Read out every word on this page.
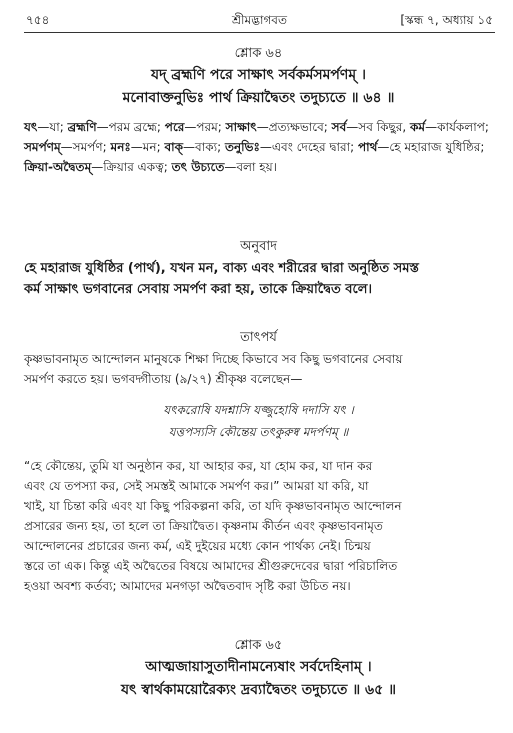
৭৫৪	শ্রীমদ্ভাগবত	[স্কন্ধ ৭, অধ্যায় ১৫
শ্লোক ৬৪
যদ্ ব্রহ্মণি পরে সাক্ষাৎ সর্বকর্মসমর্পণম্ ।
মনোবাক্তনুভিঃ পার্থ ক্রিয়াদ্বৈতং তদুচ্যতে ॥ ৬৪ ॥
যৎ—যা; ব্রহ্মণি—পরম ব্রহ্মে; পরে—পরম; সাক্ষাৎ—প্রত্যক্ষভাবে; সর্ব—সব কিছুর, কর্ম—কার্যকলাপ; সমর্পণম্—সমর্পণ; মনঃ—মন; বাক্—বাক্য; তনুভিঃ—এবং দেহের দ্বারা; পার্থ—হে মহারাজ যুধিষ্ঠির; ক্রিয়া-অদ্বৈতম্—ক্রিয়ার একত্ব; তৎ উচ্যতে—বলা হয়।
অনুবাদ
হে মহারাজ যুধিষ্ঠির (পার্থ), যখন মন, বাক্য এবং শরীরের দ্বারা অনুষ্ঠিত সমস্ত
কর্ম সাক্ষাৎ ভগবানের সেবায় সমর্পণ করা হয়, তাকে ক্রিয়াদ্বৈত বলে।
তাৎপর্য
কৃষ্ণভাবনামৃত আন্দোলন মানুষকে শিক্ষা দিচ্ছে কিভাবে সব কিছু ভগবানের সেবায়
সমর্পণ করতে হয়। ভগবদ্গীতায় (৯/২৭) শ্রীকৃষ্ণ বলেছেন—
যৎকরোষি যদশ্নাসি যজ্জুহোষি দদাসি যৎ ।
যত্তপস্যসি কৌন্তেয় তৎকুরুষ্ব মদর্পণম্ ॥
“হে কৌন্তেয়, তুমি যা অনুষ্ঠান কর, যা আহার কর, যা হোম কর, যা দান কর
এবং যে তপস্যা কর, সেই সমস্তই আমাকে সমর্পণ কর।” আমরা যা করি, যা
খাই, যা চিন্তা করি এবং যা কিছু পরিকল্পনা করি, তা যদি কৃষ্ণভাবনামৃত আন্দোলন
প্রসারের জন্য হয়, তা হলে তা ক্রিয়াদ্বৈত। কৃষ্ণনাম কীর্তন এবং কৃষ্ণভাবনামৃত
আন্দোলনের প্রচারের জন্য কর্ম, এই দুইয়ের মধ্যে কোন পার্থক্য নেই। চিন্ময়
স্তরে তা এক। কিন্তু এই অদ্বৈতের বিষয়ে আমাদের শ্রীগুরুদেবের দ্বারা পরিচালিত
হওয়া অবশ্য কর্তব্য; আমাদের মনগড়া অদ্বৈতবাদ সৃষ্টি করা উচিত নয়।
শ্লোক ৬৫
আত্মজায়াসুতাদীনামন্যেষাং সর্বদেহিনাম্ ।
যৎ স্বার্থকাময়োরৈক্যং দ্রব্যাদ্বৈতং তদুচ্যতে ॥ ৬৫ ॥
